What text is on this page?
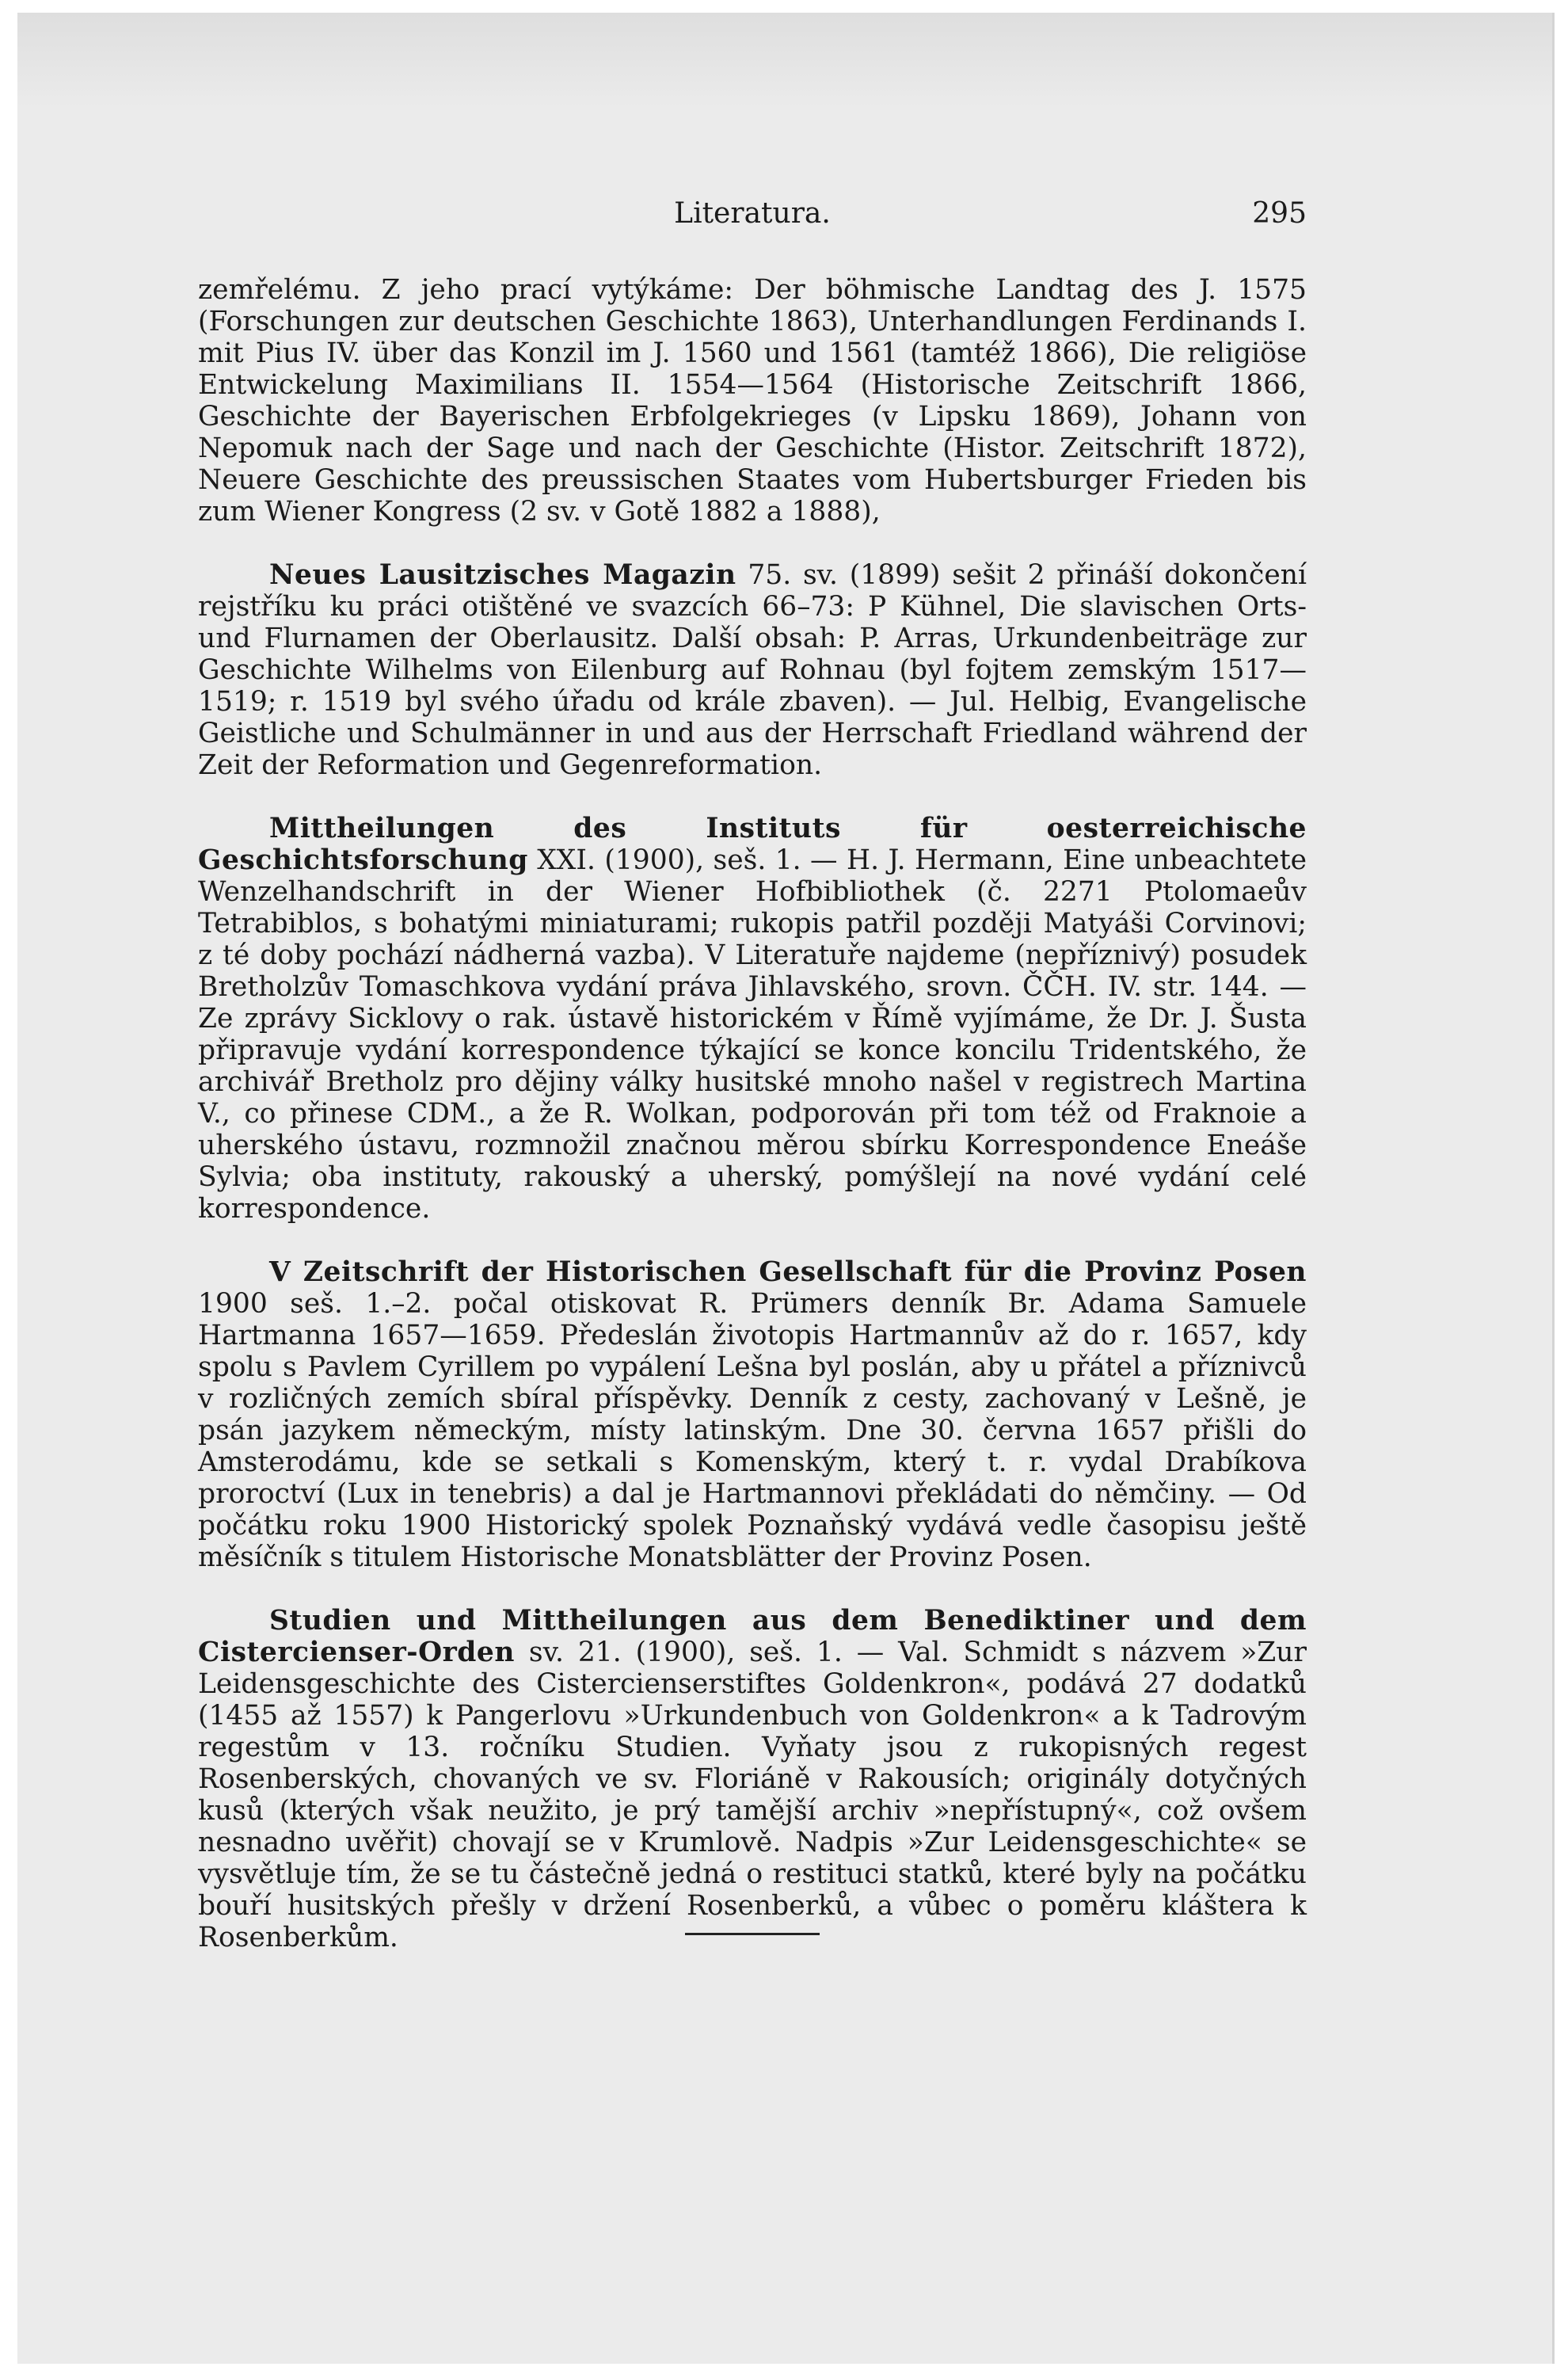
Literatura.	295

zemřelému. Z jeho prací vytýkáme: Der böhmische Landtag des J. 1575 (Forschungen zur deutschen Geschichte 1863), Unterhandlungen Ferdinands I. mit Pius IV. über das Konzil im J. 1560 und 1561 (tamtéž 1866), Die religiöse Entwickelung Maximilians II. 1554—1564 (Historische Zeitschrift 1866, Geschichte der Bayerischen Erbfolgekrieges (v Lipsku 1869), Johann von Nepomuk nach der Sage und nach der Geschichte (Histor. Zeitschrift 1872), Neuere Geschichte des preussischen Staates vom Hubertsburger Frieden bis zum Wiener Kongress (2 sv. v Gotě 1882 a 1888),

Neues Lausitzisches Magazin 75. sv. (1899) sešit 2 přináší dokončení rejstříku ku práci otištěné ve svazcích 66–73: P Kühnel, Die slavischen Orts- und Flurnamen der Oberlausitz. Další obsah: P. Arras, Urkundenbeiträge zur Geschichte Wilhelms von Eilenburg auf Rohnau (byl fojtem zemským 1517—1519; r. 1519 byl svého úřadu od krále zbaven). — Jul. Helbig, Evangelische Geistliche und Schulmänner in und aus der Herrschaft Friedland während der Zeit der Reformation und Gegenreformation.

Mittheilungen des Instituts für oesterreichische Geschichtsforschung XXI. (1900), seš. 1. — H. J. Hermann, Eine unbeachtete Wenzelhandschrift in der Wiener Hofbibliothek (č. 2271 Ptolomaeův Tetrabiblos, s bohatými miniaturami; rukopis patřil později Matyáši Corvinovi; z té doby pochází nádherná vazba). V Literatuře najdeme (nepříznivý) posudek Bretholzův Tomaschkova vydání práva Jihlavského, srovn. ČČH. IV. str. 144. — Ze zprávy Sicklovy o rak. ústavě historickém v Římě vyjímáme, že Dr. J. Šusta připravuje vydání korrespondence týkající se konce koncilu Tridentského, že archivář Bretholz pro dějiny války husitské mnoho našel v registrech Martina V., co přinese CDM., a že R. Wolkan, podporován při tom též od Fraknoie a uherského ústavu, rozmnožil značnou měrou sbírku Korrespondence Eneáše Sylvia; oba instituty, rakouský a uherský, pomýšlejí na nové vydání celé korrespondence.

V Zeitschrift der Historischen Gesellschaft für die Provinz Posen 1900 seš. 1.–2. počal otiskovat R. Prümers denník Br. Adama Samuele Hartmanna 1657—1659. Předeslán životopis Hartmannův až do r. 1657, kdy spolu s Pavlem Cyrillem po vypálení Lešna byl poslán, aby u přátel a příznivců v rozličných zemích sbíral příspěvky. Denník z cesty, zachovaný v Lešně, je psán jazykem německým, místy latinským. Dne 30. června 1657 přišli do Amsterodámu, kde se setkali s Komenským, který t. r. vydal Drabíkova proroctví (Lux in tenebris) a dal je Hartmannovi překládati do němčiny. — Od počátku roku 1900 Historický spolek Poznaňský vydává vedle časopisu ještě měsíčník s titulem Historische Monatsblätter der Provinz Posen.

Studien und Mittheilungen aus dem Benediktiner und dem Cistercienser-Orden sv. 21. (1900), seš. 1. — Val. Schmidt s názvem »Zur Leidensgeschichte des Cistercienserstiftes Goldenkron«, podává 27 dodatků (1455 až 1557) k Pangerlovu »Urkundenbuch von Goldenkron« a k Tadrovým regestům v 13. ročníku Studien. Vyňaty jsou z rukopisných regest Rosenberských, chovaných ve sv. Floriáně v Rakousích; originály dotyčných kusů (kterých však neužito, je prý tamější archiv »nepřístupný«, což ovšem nesnadno uvěřit) chovají se v Krumlově. Nadpis »Zur Leidensgeschichte« se vysvětluje tím, že se tu částečně jedná o restituci statků, které byly na počátku bouří husitských přešly v držení Rosenberků, a vůbec o poměru kláštera k Rosenberkům.
